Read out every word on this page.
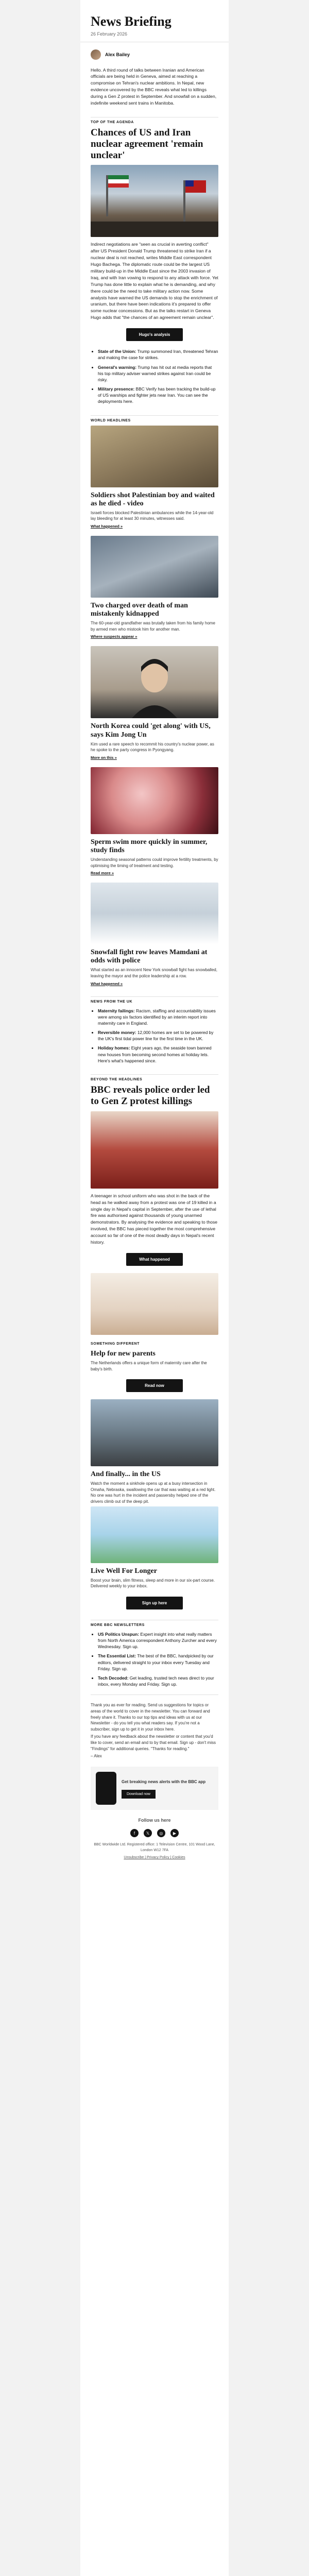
News Briefing
26 February 2026
Alex Bailey

Hello. A third round of talks between Iranian and American officials are being held in Geneva, aimed at reaching a compromise on Tehran's nuclear ambitions. In Nepal, new evidence uncovered by the BBC reveals what led to killings during a Gen Z protest in September. And snowfall on a sudden, indefinite weekend sent trains in Manitoba.

TOP OF THE AGENDA
Chances of US and Iran nuclear agreement 'remain unclear'

Indirect negotiations are "seen as crucial in averting conflict" after US President Donald Trump threatened to strike Iran if a nuclear deal is not reached, writes Middle East correspondent Hugo Bachega. The diplomatic route could be the largest US military build-up in the Middle East since the 2003 invasion of Iraq, and with Iran vowing to respond to any attack with force. Yet Trump has done little to explain what he is demanding, and why there could be the need to take military action now. Some analysts have warned the US demands to stop the enrichment of uranium, but there have been indications it's prepared to offer some nuclear concessions. But as the talks restart in Geneva Hugo adds that "the chances of an agreement remain unclear".

Hugo's analysis
• State of the Union: Trump summoned Iran, threatened Tehran and making the case for strikes.
• General's warning: Trump has hit out at media reports that his top military adviser warned strikes against Iran could be risky.
• Military presence: BBC Verify has been tracking the build-up of US warships and fighter jets near Iran. You can see the deployments here.
WORLD HEADLINES
Soldiers shot Palestinian boy and waited as he died - video

Israeli forces blocked Palestinian ambulances while the 14-year-old lay bleeding for at least 30 minutes, witnesses said.

What happened »
Two charged over death of man mistakenly kidnapped

The 60-year-old grandfather was brutally taken from his family home by armed men who mistook him for another man.

Where suspects appear »
North Korea could 'get along' with US, says Kim Jong Un

Kim used a rare speech to recommit his country's nuclear power, as he spoke to the party congress in Pyongyang.

More on this »
Sperm swim more quickly in summer, study finds

Understanding seasonal patterns could improve fertility treatments, by optimising the timing of treatment and testing.

Read more »
Snowfall fight row leaves Mamdani at odds with police

What started as an innocent New York snowball fight has snowballed, leaving the mayor and the police leadership at a row.

What happened »
NEWS FROM THE UK
• Maternity failings: Racism, staffing and accountability issues were among six factors identified by an interim report into maternity care in England.
• Reversible money: 12,000 homes are set to be powered by the UK's first tidal power line for the first time in the UK.
• Holiday homes: Eight years ago, the seaside town banned new houses from becoming second homes at holiday lets. Here's what's happened since.
BEYOND THE HEADLINES
BBC reveals police order led to Gen Z protest killings

A teenager in school uniform who was shot in the back of the head as he walked away from a protest was one of 19 killed in a single day in Nepal's capital in September, after the use of lethal fire was authorised against thousands of young unarmed demonstrators. By analysing the evidence and speaking to those involved, the BBC has pieced together the most comprehensive account so far of one of the most deadly days in Nepal's recent history.

What happened
SOMETHING DIFFERENT
Help for new parents

The Netherlands offers a unique form of maternity care after the baby's birth.

Read now
And finally... in the US

Watch the moment a sinkhole opens up at a busy intersection in Omaha, Nebraska, swallowing the car that was waiting at a red light. No one was hurt in the incident and passersby helped one of the drivers climb out of the deep pit.

Live Well For Longer

Boost your brain, slim fitness, sleep and more in our six-part course. Delivered weekly to your inbox.

Sign up here
MORE BBC NEWSLETTERS
• US Politics Unspun: Expert insight into what really matters from North America correspondent Anthony Zurcher and every Wednesday. Sign up.
• The Essential List: The best of the BBC, handpicked by our editors, delivered straight to your inbox every Tuesday and Friday. Sign up.
• Tech Decoded: Get leading, trusted tech news direct to your inbox, every Monday and Friday. Sign up.

Thank you as ever for reading. Send us suggestions for topics or areas of the world to cover in the newsletter. You can forward and freely share it. Thanks to our top tips and ideas with us at our Newsletter - do you tell you what readers say. If you're not a subscriber, sign up to get it in your inbox here.

If you have any feedback about the newsletter or content that you'd like to cover, send an email and to by that email. Sign up - don't miss "Findings" for additional queries. "Thanks for reading."

– Alex

Get breaking news alerts with the BBC app
Download now
Follow us here
f	𝕏	◎	▶
BBC Worldwide Ltd. Registered office: 1 Television Centre, 101 Wood Lane, London W12 7FA
Unsubscribe | Privacy Policy | Cookies
